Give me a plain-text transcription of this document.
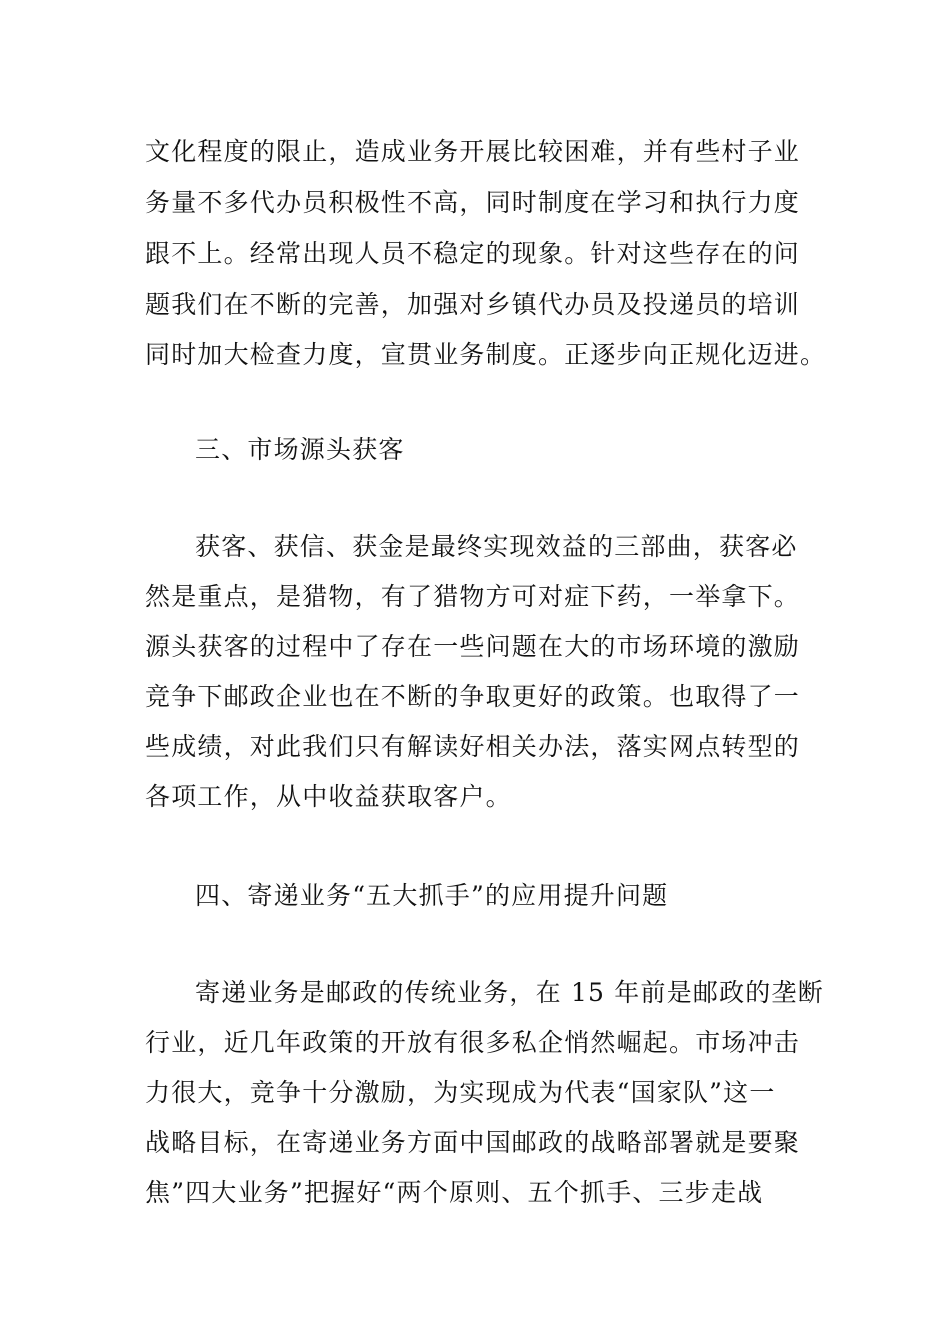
文化程度的限止，造成业务开展比较困难，并有些村子业
务量不多代办员积极性不高，同时制度在学习和执行力度
跟不上。经常出现人员不稳定的现象。针对这些存在的问
题我们在不断的完善，加强对乡镇代办员及投递员的培训
同时加大检查力度，宣贯业务制度。正逐步向正规化迈进。
三、市场源头获客
获客、获信、获金是最终实现效益的三部曲，获客必
然是重点，是猎物，有了猎物方可对症下药，一举拿下。
源头获客的过程中了存在一些问题在大的市场环境的激励
竞争下邮政企业也在不断的争取更好的政策。也取得了一
些成绩，对此我们只有解读好相关办法，落实网点转型的
各项工作，从中收益获取客户。
四、寄递业务“五大抓手”的应用提升问题
寄递业务是邮政的传统业务，在 15 年前是邮政的垄断
行业，近几年政策的开放有很多私企悄然崛起。市场冲击
力很大，竞争十分激励，为实现成为代表“国家队”这一
战略目标，在寄递业务方面中国邮政的战略部署就是要聚
焦”四大业务”把握好“两个原则、五个抓手、三步走战
